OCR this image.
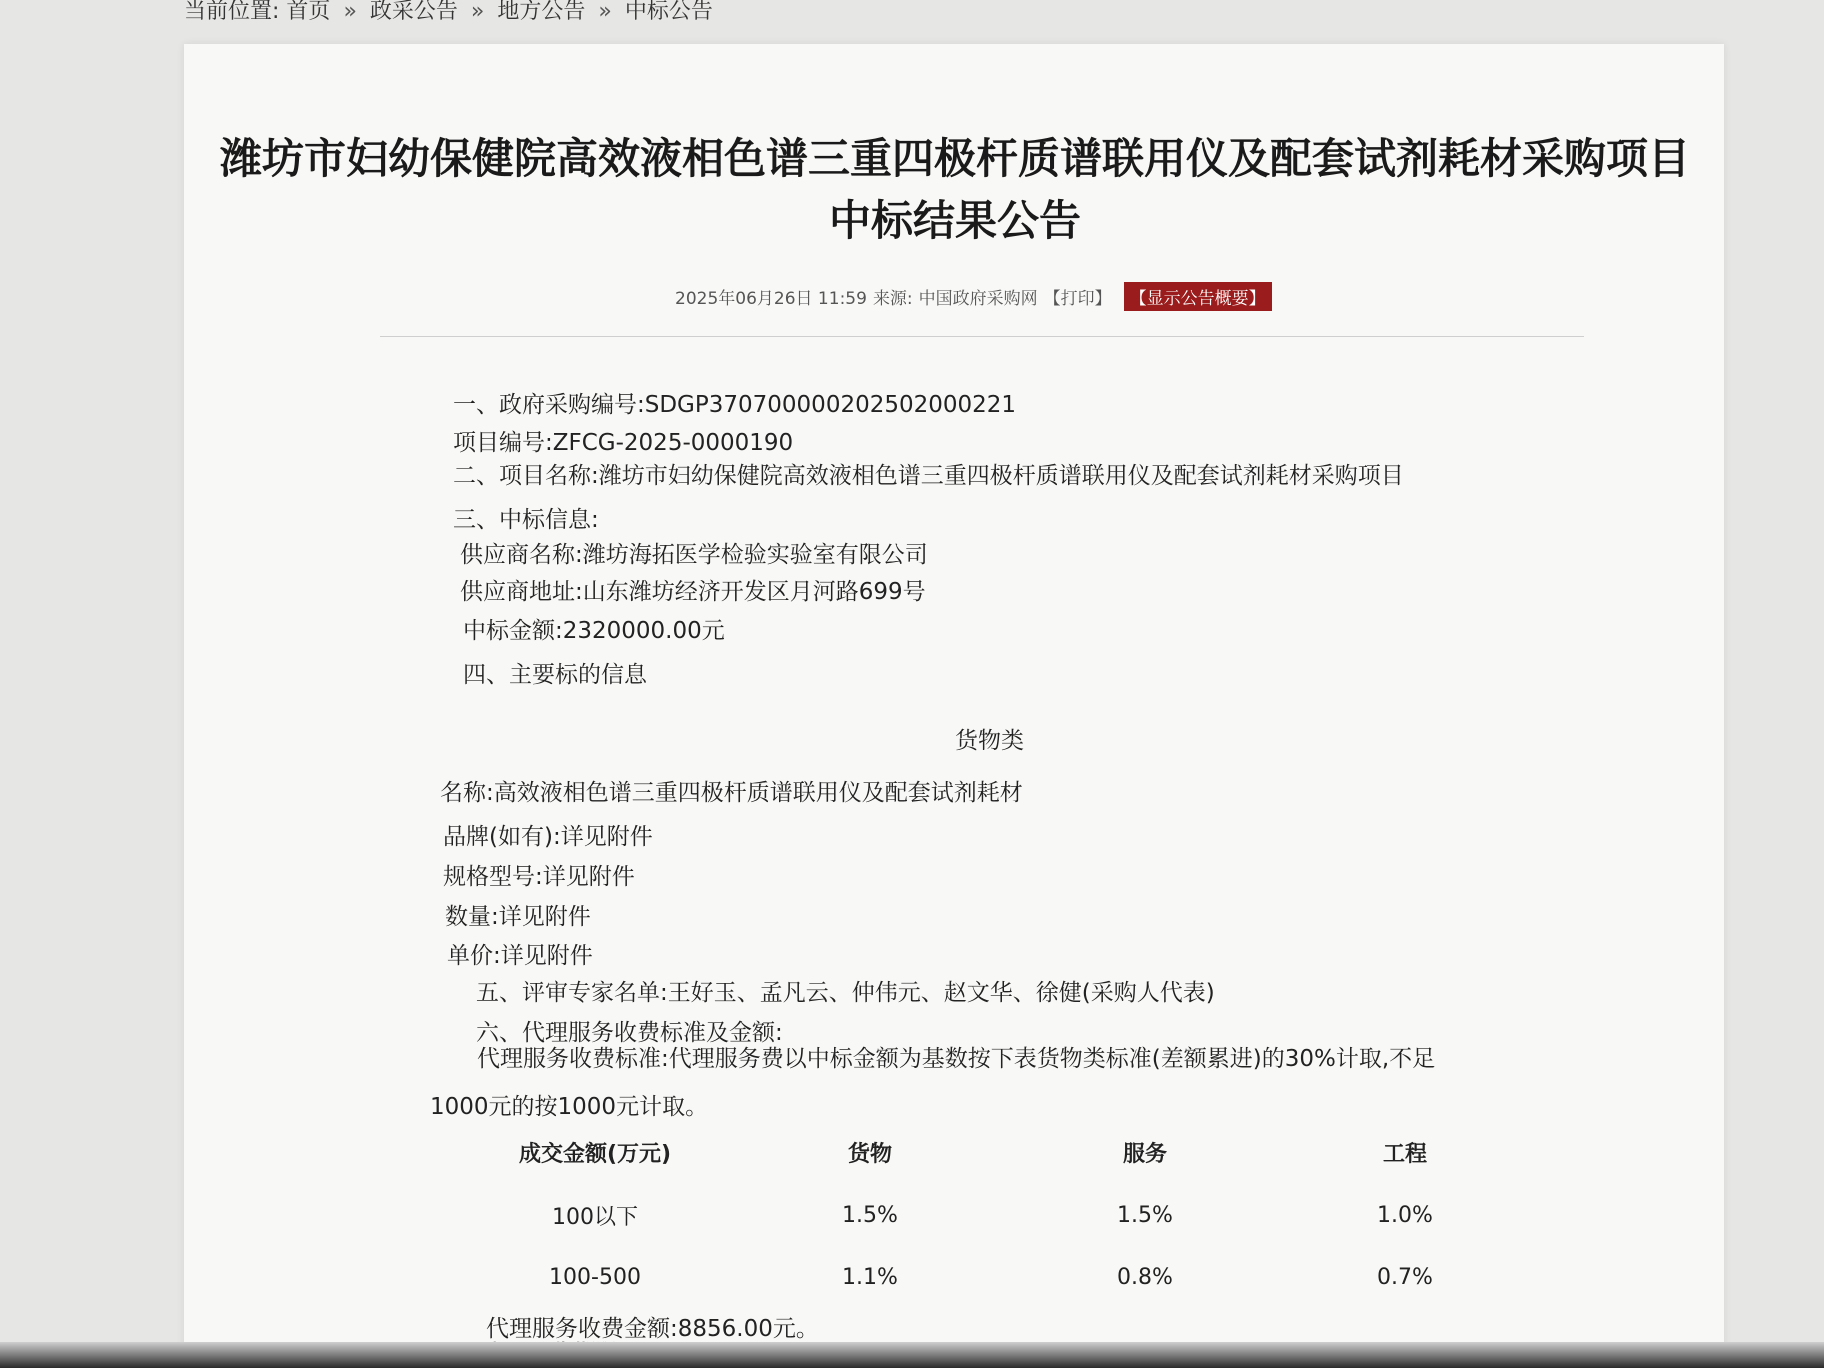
当前位置: 首页 » 政采公告 » 地方公告 » 中标公告
潍坊市妇幼保健院高效液相色谱三重四极杆质谱联用仪及配套试剂耗材采购项目中标结果公告
2025年06月26日 11:59 来源: 中国政府采购网 【打印】	【显示公告概要】
一、政府采购编号:SDGP370700000202502000221
项目编号:ZFCG-2025-0000190
二、项目名称:潍坊市妇幼保健院高效液相色谱三重四极杆质谱联用仪及配套试剂耗材采购项目
三、中标信息:
供应商名称:潍坊海拓医学检验实验室有限公司
供应商地址:山东潍坊经济开发区月河路699号
中标金额:2320000.00元
四、主要标的信息
货物类
名称:高效液相色谱三重四极杆质谱联用仪及配套试剂耗材
品牌(如有):详见附件
规格型号:详见附件
数量:详见附件
单价:详见附件
五、评审专家名单:王好玉、孟凡云、仲伟元、赵文华、徐健(采购人代表)
六、代理服务收费标准及金额:
代理服务收费标准:代理服务费以中标金额为基数按下表货物类标准(差额累进)的30%计取,不足
1000元的按1000元计取。
成交金额(万元)	货物	服务	工程
100以下	1.5%	1.5%	1.0%
100-500	1.1%	0.8%	0.7%
代理服务收费金额:8856.00元。
